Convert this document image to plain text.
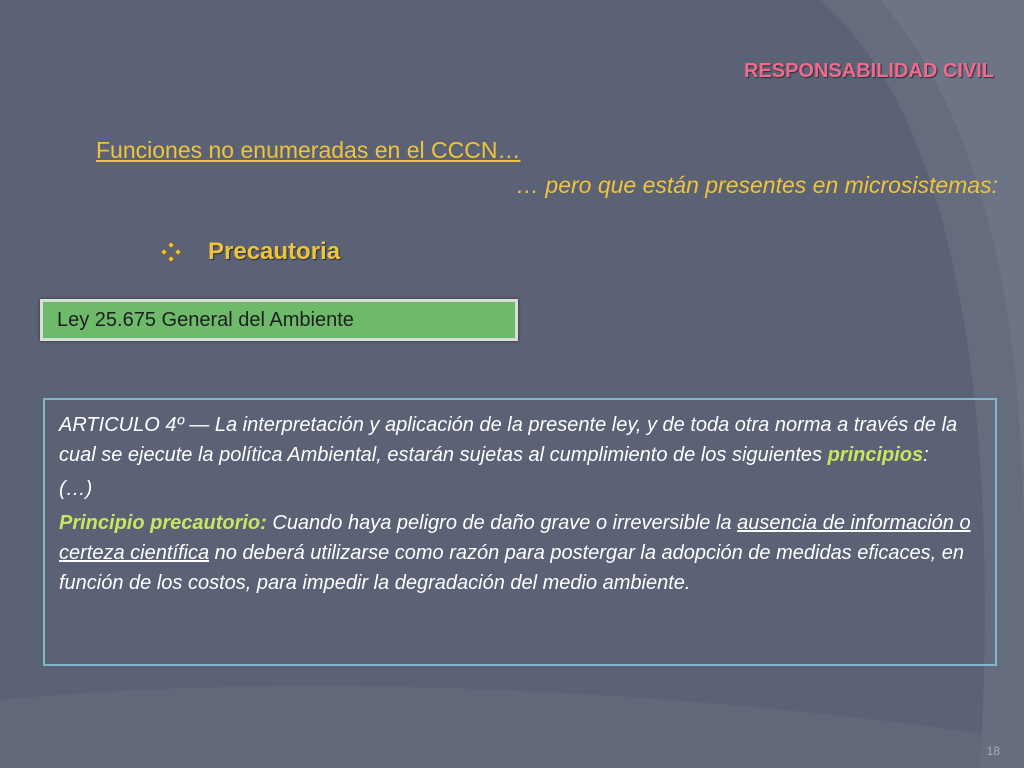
RESPONSABILIDAD CIVIL
Funciones no enumeradas en el CCCN…
… pero que están presentes en microsistemas:
Precautoria
Ley 25.675 General del Ambiente

ARTICULO 4º — La interpretación y aplicación de la presente ley, y de toda otra norma a través de la cual se ejecute la política Ambiental, estarán sujetas al cumplimiento de los siguientes principios:

(…)

Principio precautorio: Cuando haya peligro de daño grave o irreversible la ausencia de información o certeza científica no deberá utilizarse como razón para postergar la adopción de medidas eficaces, en función de los costos, para impedir la degradación del medio ambiente.

18
